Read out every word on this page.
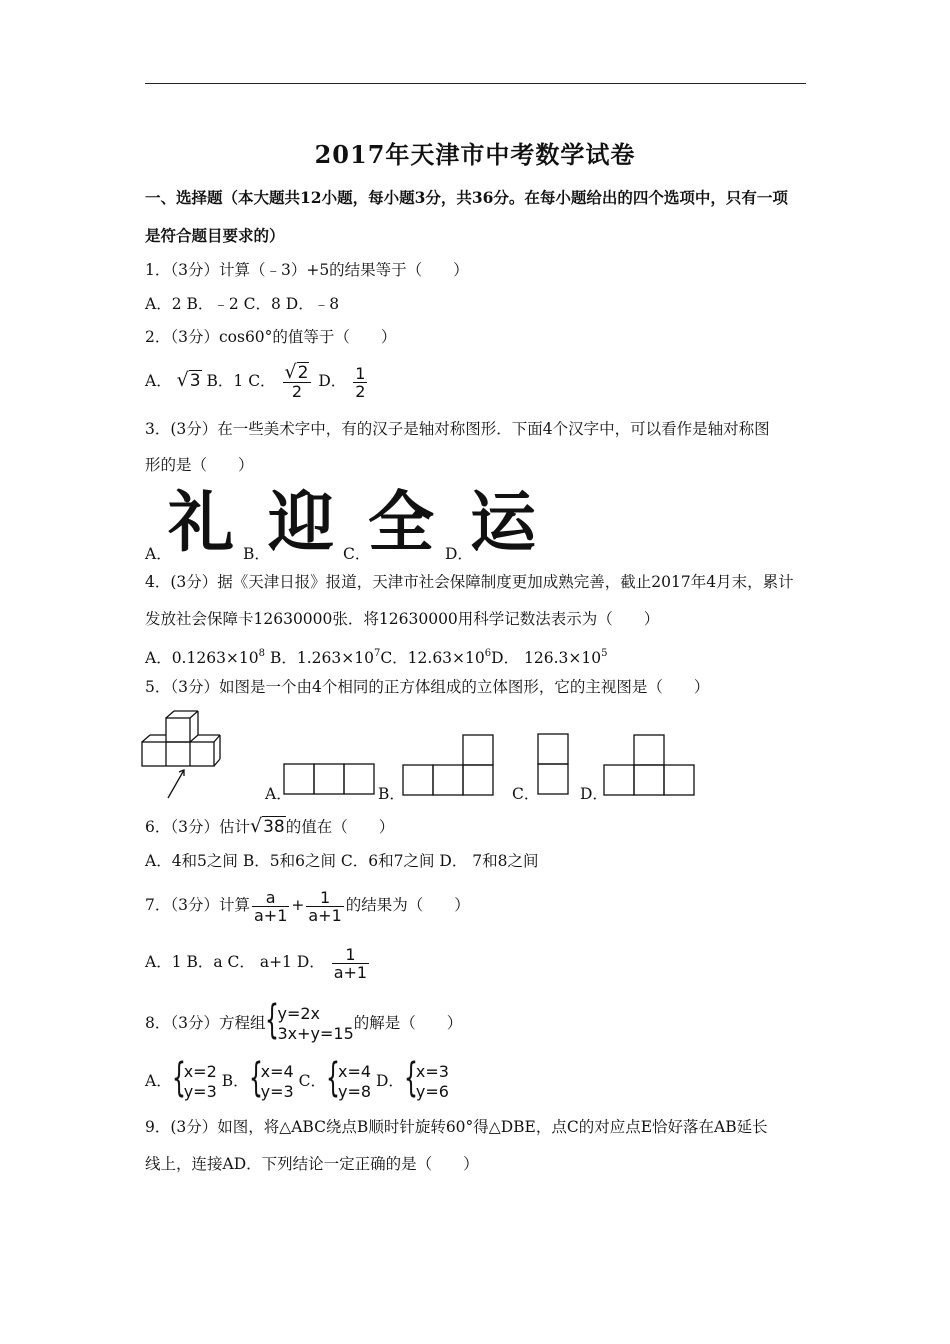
2017年天津市中考数学试卷
一、选择题（本大题共12小题，每小题3分，共36分。在每小题给出的四个选项中，只有一项
是符合题目要求的）
1．（3分）计算（﹣3）+5的结果等于（　　）
A．2 B．﹣2 C．8 D．﹣8
2．（3分）cos60°的值等于（　　）
A． √3 B．1 C． $\frac{√2}{2}$ D． $\frac{1}{2}$
3．(3分）在一些美术字中，有的汉子是轴对称图形．下面4个汉字中，可以看作是轴对称图
形的是（　　）
A．
礼 B．
迎 C．
全 D．
运
4．(3分）据《天津日报》报道，天津市社会保障制度更加成熟完善，截止2017年4月末，累计
发放社会保障卡12630000张．将12630000用科学记数法表示为（　　）
A．$0.1263\times 10^8$ B．$1.263\times 10^7C$．$12.63\times 10^6D$． $126.3\times 10^5$
5．（3分）如图是一个由4个相同的正方体组成的立体图形，它的主视图是（　　）
A．	B．	C．	D．
6．（3分）估计√38的值在（　　）
A．4和5之间 B．5和6之间 C．6和7之间 D． 7和8之间
7．（3分）计算 $\frac{a}{a+1} + \frac{1}{a+1}$ 的结果为（　　）
A．1 B．a C． a+1 D． $\frac{1}{a+1}$
8．（3分）方程组 {
y=2x
3x+y=15
的解是（　　）
A． {
x=2
y=3
B． {
x=4
y=3
C． {
x=4
y=8
D． {
x=3
y=6
9．(3分）如图，将△ABC绕点B顺时针旋转60°得△DBE，点C的对应点E恰好落在AB延长
线上，连接AD．下列结论一定正确的是（　　）
